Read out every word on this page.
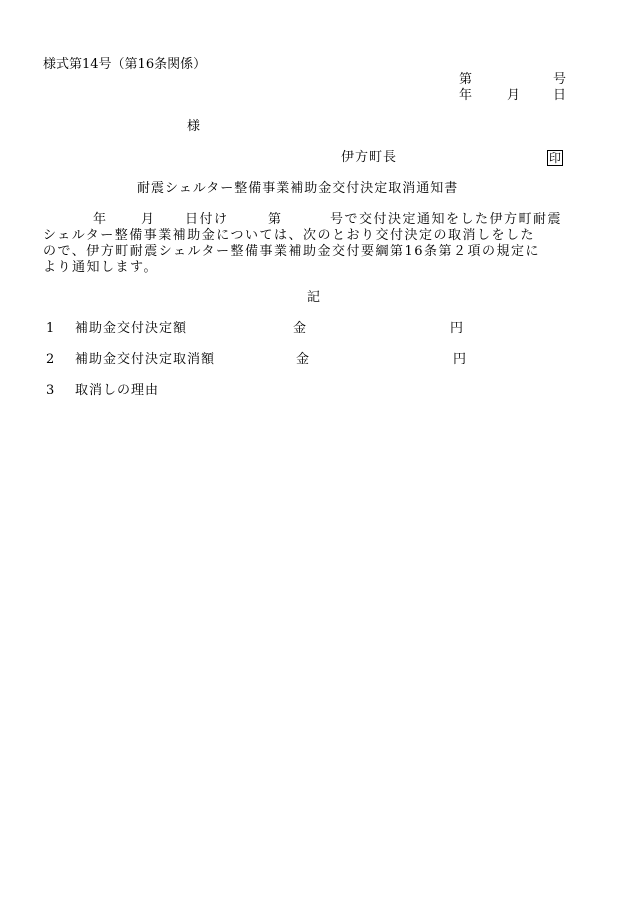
様式第14号（第16条関係）
第	号
年	月	日
様
伊方町長	印
耐震シェルター整備事業補助金交付決定取消通知書
年	月 日付け	第	号で交付決定通知をした伊方町耐震
シェルター整備事業補助金については、次のとおり交付決定の取消しをした
ので、伊方町耐震シェルター整備事業補助金交付要綱第16条第２項の規定に
より通知します。
記
1 補助金交付決定額	金	円
2 補助金交付決定取消額	金	円
3 取消しの理由
